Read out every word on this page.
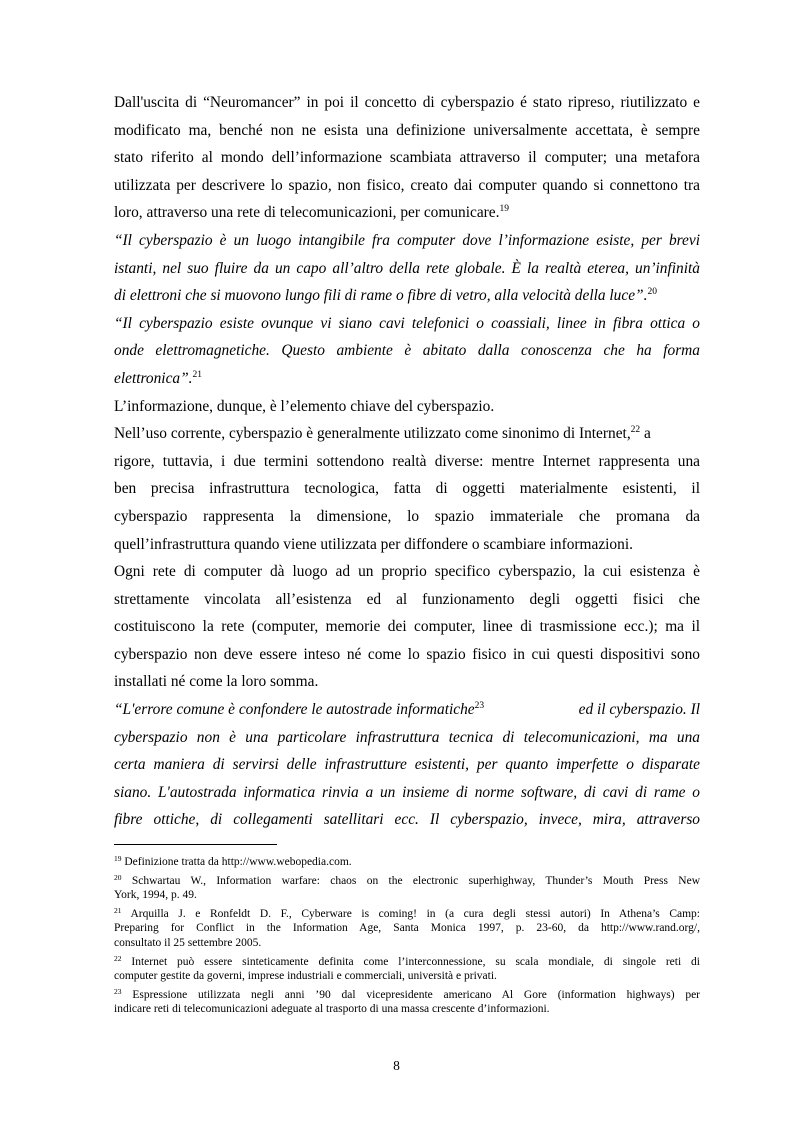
Dall'uscita di “Neuromancer” in poi il concetto di cyberspazio é stato ripreso, riutilizzato e
modificato ma, benché non ne esista una definizione universalmente accettata, è sempre
stato riferito al mondo dell’informazione scambiata attraverso il computer; una metafora
utilizzata per descrivere lo spazio, non fisico, creato dai computer quando si connettono tra
loro, attraverso una rete di telecomunicazioni, per comunicare.$^{19}$
“Il cyberspazio è un luogo intangibile fra computer dove l’informazione esiste, per brevi
istanti, nel suo fluire da un capo all’altro della rete globale. È la realtà eterea, un’infinità
di elettroni che si muovono lungo fili di rame o fibre di vetro, alla velocità della luce”.$^{20}$
“Il cyberspazio esiste ovunque vi siano cavi telefonici o coassiali, linee in fibra ottica o
onde elettromagnetiche. Questo ambiente è abitato dalla conoscenza che ha forma
elettronica”.$^{21}$
L’informazione, dunque, è l’elemento chiave del cyberspazio.
Nell’uso corrente, cyberspazio è generalmente utilizzato come sinonimo di Internet,$^{22}$ a
rigore, tuttavia, i due termini sottendono realtà diverse: mentre Internet rappresenta una
ben precisa infrastruttura tecnologica, fatta di oggetti materialmente esistenti, il
cyberspazio rappresenta la dimensione, lo spazio immateriale che promana da
quell’infrastruttura quando viene utilizzata per diffondere o scambiare informazioni.
Ogni rete di computer dà luogo ad un proprio specifico cyberspazio, la cui esistenza è
strettamente vincolata all’esistenza ed al funzionamento degli oggetti fisici che
costituiscono la rete (computer, memorie dei computer, linee di trasmissione ecc.); ma il
cyberspazio non deve essere inteso né come lo spazio fisico in cui questi dispositivi sono
installati né come la loro somma.
“L'errore comune è confondere le autostrade informatiche$^{23}$	ed il cyberspazio. Il
cyberspazio non è una particolare infrastruttura tecnica di telecomunicazioni, ma una
certa maniera di servirsi delle infrastrutture esistenti, per quanto imperfette o disparate
siano. L'autostrada informatica rinvia a un insieme di norme software, di cavi di rame o
fibre ottiche, di collegamenti satellitari ecc. Il cyberspazio, invece, mira, attraverso
$^{19}$ Definizione tratta da http://www.webopedia.com.
$^{20}$ Schwartau W., Information warfare: chaos on the electronic superhighway, Thunder’s Mouth Press New
York, 1994, p. 49.
$^{21}$ Arquilla J. e Ronfeldt D. F., Cyberware is coming! in (a cura degli stessi autori) In Athena’s Camp:
Preparing for Conflict in the Information Age, Santa Monica 1997, p. 23-60, da http://www.rand.org/,
consultato il 25 settembre 2005.
$^{22}$ Internet può essere sinteticamente definita come l’interconnessione, su scala mondiale, di singole reti di
computer gestite da governi, imprese industriali e commerciali, università e privati.
$^{23}$ Espressione utilizzata negli anni ’90 dal vicepresidente americano Al Gore (information highways) per
indicare reti di telecomunicazioni adeguate al trasporto di una massa crescente d’informazioni.
8
